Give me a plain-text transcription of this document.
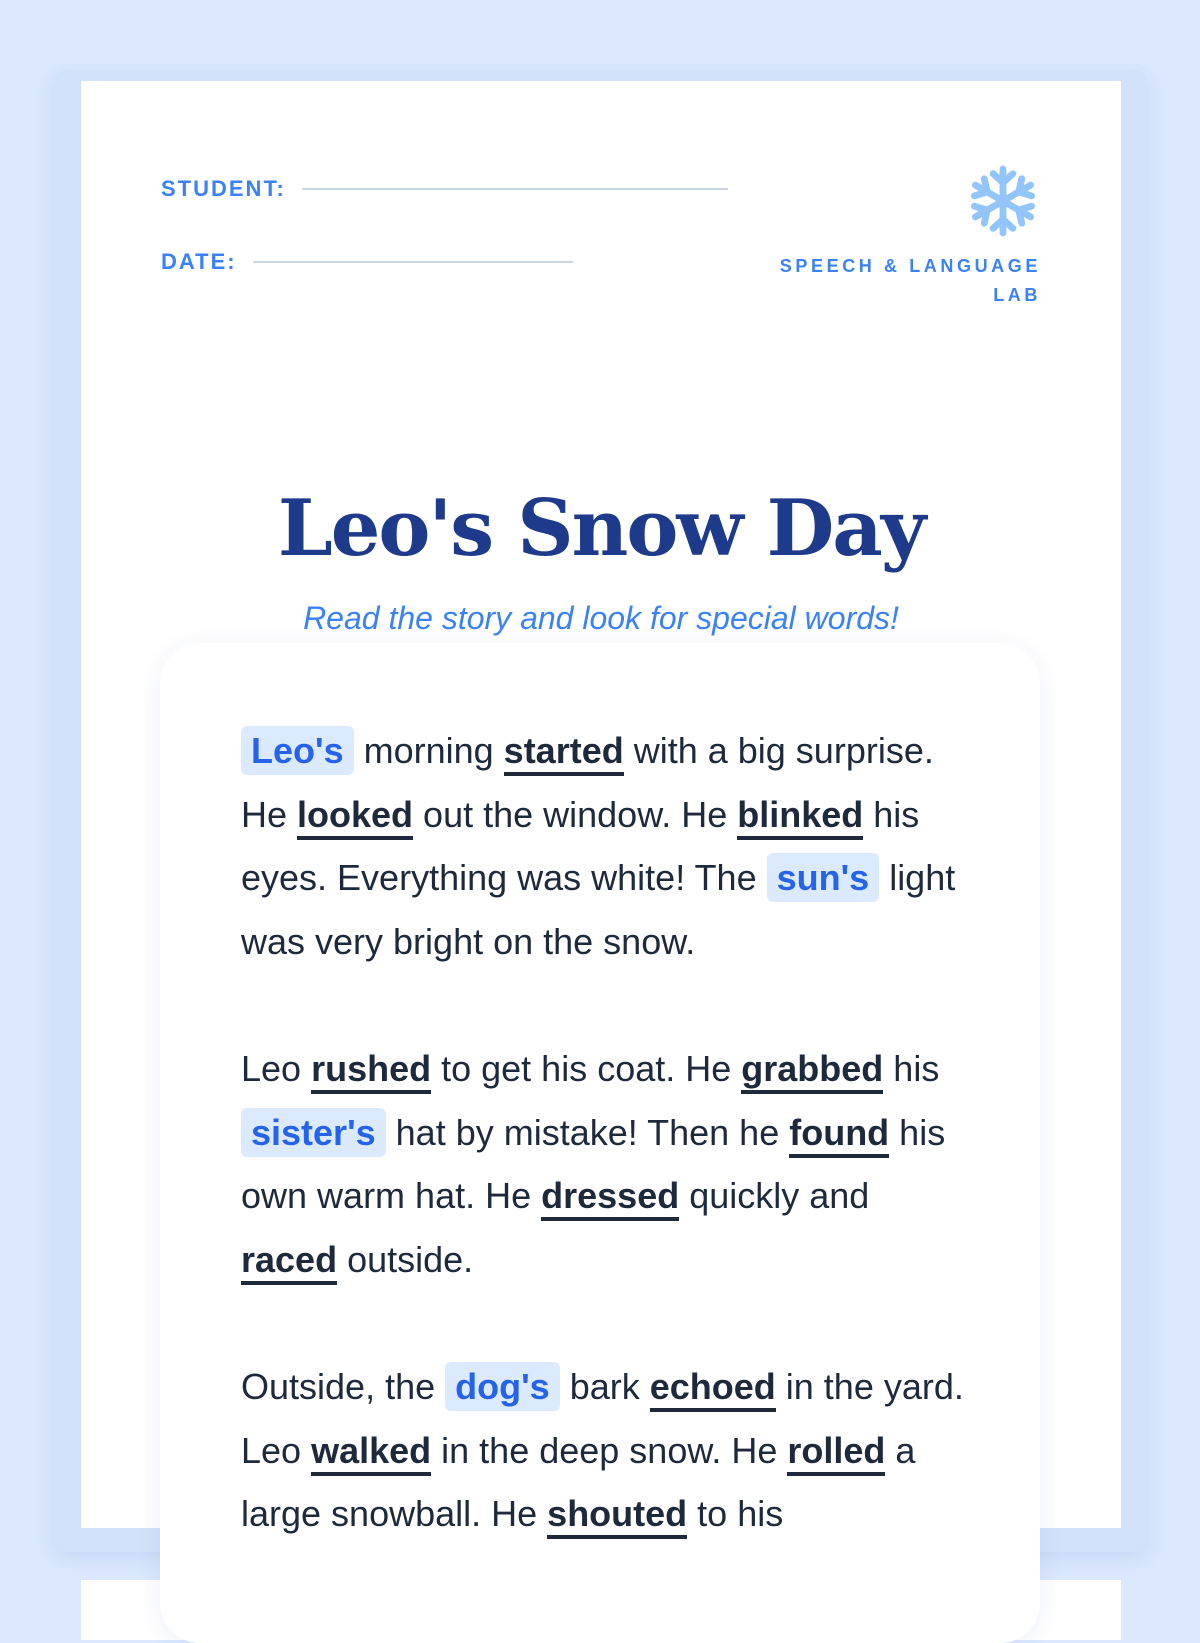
STUDENT:
DATE:	SPEECH & LANGUAGE LAB
Leo's Snow Day
Read the story and look for special words!

Leo's morning started with a big surprise. He looked out the window. He blinked his eyes. Everything was white! The sun's light was very bright on the snow.

Leo rushed to get his coat. He grabbed his sister's hat by mistake! Then he found his own warm hat. He dressed quickly and raced outside.

Outside, the dog's bark echoed in the yard. Leo walked in the deep snow. He rolled a large snowball. He shouted to his
